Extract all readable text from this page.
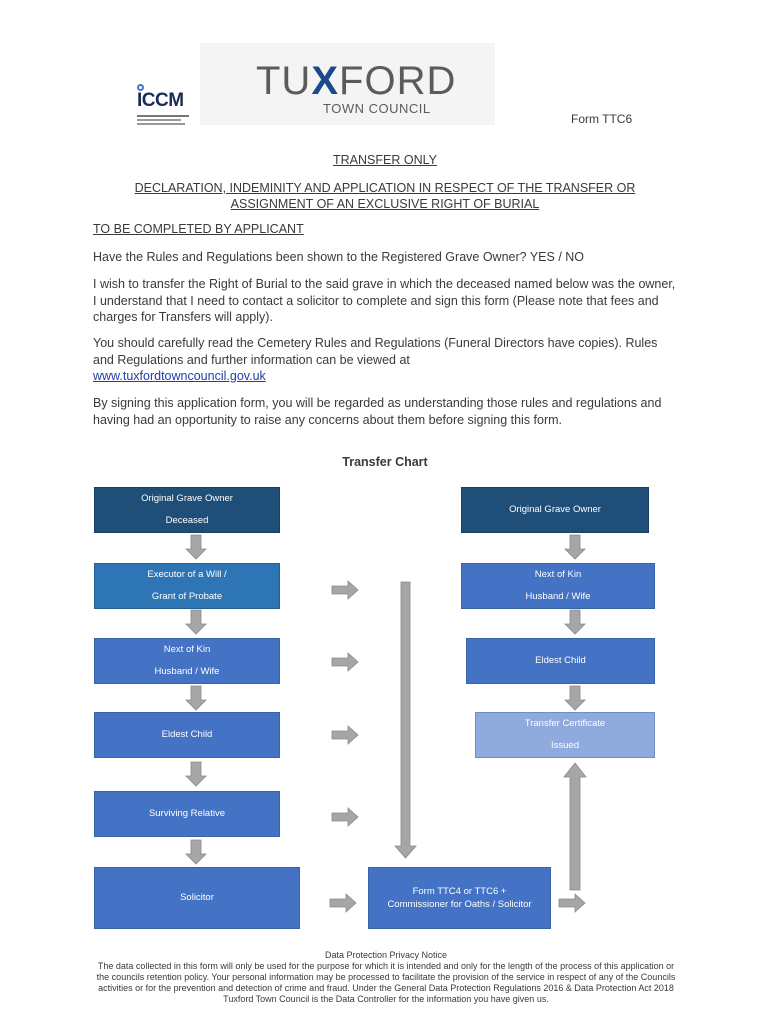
ICCM TUXFORD
TOWN COUNCIL
Form TTC6
TRANSFER ONLY
DECLARATION, INDEMINITY AND APPLICATION IN RESPECT OF THE TRANSFER OR ASSIGNMENT OF AN EXCLUSIVE RIGHT OF BURIAL
TO BE COMPLETED BY APPLICANT

Have the Rules and Regulations been shown to the Registered Grave Owner? YES / NO

I wish to transfer the Right of Burial to the said grave in which the deceased named below was the owner, I understand that I need to contact a solicitor to complete and sign this form (Please note that fees and charges for Transfers will apply).

You should carefully read the Cemetery Rules and Regulations (Funeral Directors have copies). Rules and Regulations and further information can be viewed at
www.tuxfordtowncouncil.gov.uk

By signing this application form, you will be regarded as understanding those rules and regulations and having had an opportunity to raise any concerns about them before signing this form.

Transfer Chart
Original Grave Owner
Deceased
Executor of a Will /
Grant of Probate
Next of Kin
Husband / Wife
Eldest Child
Surviving Relative
Solicitor
Original Grave Owner
Next of Kin
Husband / Wife
Eldest Child
Transfer Certificate
Issued
Form TTC4 or TTC6 +
Commissioner for Oaths / Solicitor
Data Protection Privacy Notice
The data collected in this form will only be used for the purpose for which it is intended and only for the length of the process of this application or the councils retention policy. Your personal information may be processed to facilitate the provision of the service in respect of any of the Councils activities or for the prevention and detection of crime and fraud. Under the General Data Protection Regulations 2016 & Data Protection Act 2018 Tuxford Town Council is the Data Controller for the information you have given us.
